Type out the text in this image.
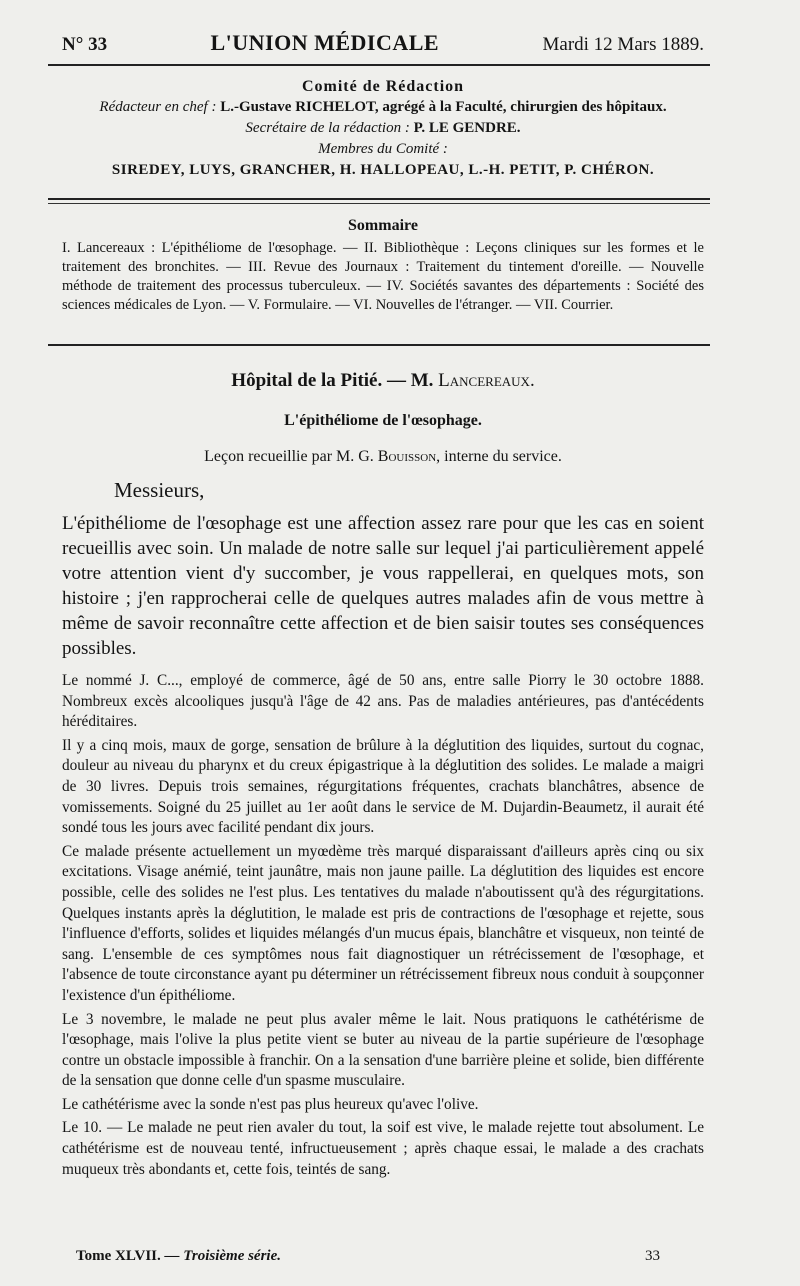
N° 33	L'UNION MÉDICALE	Mardi 12 Mars 1889.
Comité de Rédaction
Rédacteur en chef : L.-Gustave RICHELOT, agrégé à la Faculté, chirurgien des hôpitaux.
Secrétaire de la rédaction : P. LE GENDRE.
Membres du Comité :
SIREDEY, LUYS, GRANCHER, H. HALLOPEAU, L.-H. PETIT, P. CHÉRON.
Sommaire
I. Lancereaux : L'épithéliome de l'œsophage. — II. Bibliothèque : Leçons cliniques sur les formes et le traitement des bronchites. — III. Revue des Journaux : Traitement du tintement d'oreille. — Nouvelle méthode de traitement des processus tuberculeux. — IV. Sociétés savantes des départements : Société des sciences médicales de Lyon. — V. Formulaire. — VI. Nouvelles de l'étranger. — VII. Courrier.

Hôpital de la Pitié. — M. Lancereaux.

L'épithéliome de l'œsophage.

Leçon recueillie par M. G. Bouisson, interne du service.

Messieurs,

L'épithéliome de l'œsophage est une affection assez rare pour que les cas en soient recueillis avec soin. Un malade de notre salle sur lequel j'ai particulièrement appelé votre attention vient d'y succomber, je vous rappellerai, en quelques mots, son histoire ; j'en rapprocherai celle de quelques autres malades afin de vous mettre à même de savoir reconnaître cette affection et de bien saisir toutes ses conséquences possibles.

Le nommé J. C..., employé de commerce, âgé de 50 ans, entre salle Piorry le 30 octobre 1888. Nombreux excès alcooliques jusqu'à l'âge de 42 ans. Pas de maladies antérieures, pas d'antécédents héréditaires.

Il y a cinq mois, maux de gorge, sensation de brûlure à la déglutition des liquides, surtout du cognac, douleur au niveau du pharynx et du creux épigastrique à la déglutition des solides. Le malade a maigri de 30 livres. Depuis trois semaines, régurgitations fréquentes, crachats blanchâtres, absence de vomissements. Soigné du 25 juillet au 1er août dans le service de M. Dujardin-Beaumetz, il aurait été sondé tous les jours avec facilité pendant dix jours.

Ce malade présente actuellement un myœdème très marqué disparaissant d'ailleurs après cinq ou six excitations. Visage anémié, teint jaunâtre, mais non jaune paille. La déglutition des liquides est encore possible, celle des solides ne l'est plus. Les tentatives du malade n'aboutissent qu'à des régurgitations. Quelques instants après la déglutition, le malade est pris de contractions de l'œsophage et rejette, sous l'influence d'efforts, solides et liquides mélangés d'un mucus épais, blanchâtre et visqueux, non teinté de sang. L'ensemble de ces symptômes nous fait diagnostiquer un rétrécissement de l'œsophage, et l'absence de toute circonstance ayant pu déterminer un rétrécissement fibreux nous conduit à soupçonner l'existence d'un épithéliome.

Le 3 novembre, le malade ne peut plus avaler même le lait. Nous pratiquons le cathétérisme de l'œsophage, mais l'olive la plus petite vient se buter au niveau de la partie supérieure de l'œsophage contre un obstacle impossible à franchir. On a la sensation d'une barrière pleine et solide, bien différente de la sensation que donne celle d'un spasme musculaire.

Le cathétérisme avec la sonde n'est pas plus heureux qu'avec l'olive.

Le 10. — Le malade ne peut rien avaler du tout, la soif est vive, le malade rejette tout absolument. Le cathétérisme est de nouveau tenté, infructueusement ; après chaque essai, le malade a des crachats muqueux très abondants et, cette fois, teintés de sang.

Tome XLVII. — Troisième série.	33
